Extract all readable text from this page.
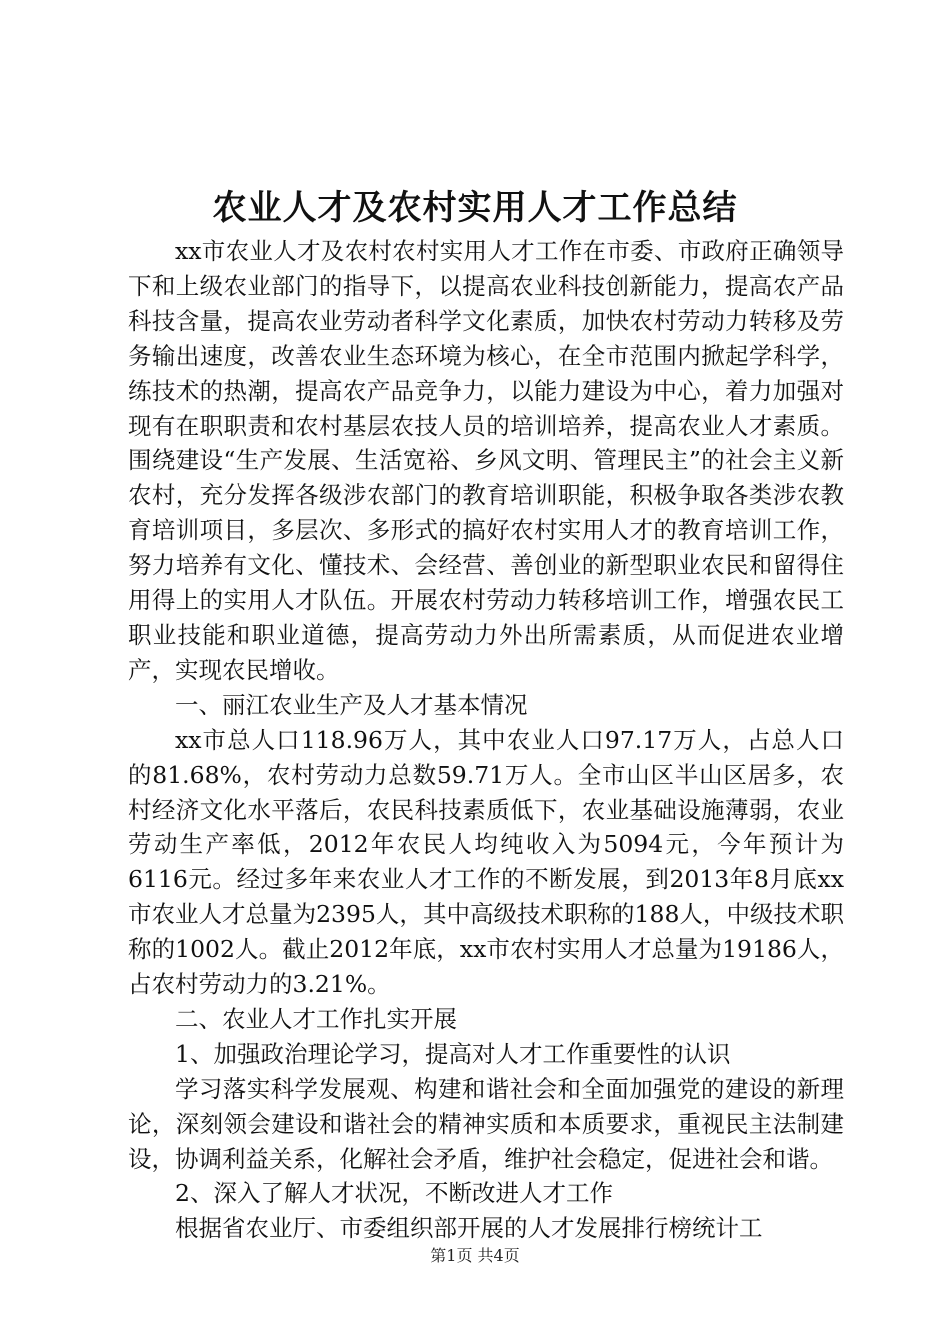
农业人才及农村实用人才工作总结

xx市农业人才及农村农村实用人才工作在市委、市政府正确领导下和上级农业部门的指导下，以提高农业科技创新能力，提高农产品科技含量，提高农业劳动者科学文化素质，加快农村劳动力转移及劳务输出速度，改善农业生态环境为核心，在全市范围内掀起学科学，练技术的热潮，提高农产品竞争力，以能力建设为中心，着力加强对现有在职职责和农村基层农技人员的培训培养，提高农业人才素质。围绕建设“生产发展、生活宽裕、乡风文明、管理民主”的社会主义新农村，充分发挥各级涉农部门的教育培训职能，积极争取各类涉农教育培训项目，多层次、多形式的搞好农村实用人才的教育培训工作，努力培养有文化、懂技术、会经营、善创业的新型职业农民和留得住用得上的实用人才队伍。开展农村劳动力转移培训工作，增强农民工职业技能和职业道德，提高劳动力外出所需素质，从而促进农业增产，实现农民增收。

一、丽江农业生产及人才基本情况

xx市总人口118.96万人，其中农业人口97.17万人，占总人口的81.68%，农村劳动力总数59.71万人。全市山区半山区居多，农村经济文化水平落后，农民科技素质低下，农业基础设施薄弱，农业劳动生产率低，2012年农民人均纯收入为5094元，今年预计为6116元。经过多年来农业人才工作的不断发展，到2013年8月底xx市农业人才总量为2395人，其中高级技术职称的188人，中级技术职称的1002人。截止2012年底，xx市农村实用人才总量为19186人，占农村劳动力的3.21%。

二、农业人才工作扎实开展

1、加强政治理论学习，提高对人才工作重要性的认识

学习落实科学发展观、构建和谐社会和全面加强党的建设的新理论，深刻领会建设和谐社会的精神实质和本质要求，重视民主法制建设，协调利益关系，化解社会矛盾，维护社会稳定，促进社会和谐。

2、深入了解人才状况，不断改进人才工作

根据省农业厅、市委组织部开展的人才发展排行榜统计工

第1页 共4页
